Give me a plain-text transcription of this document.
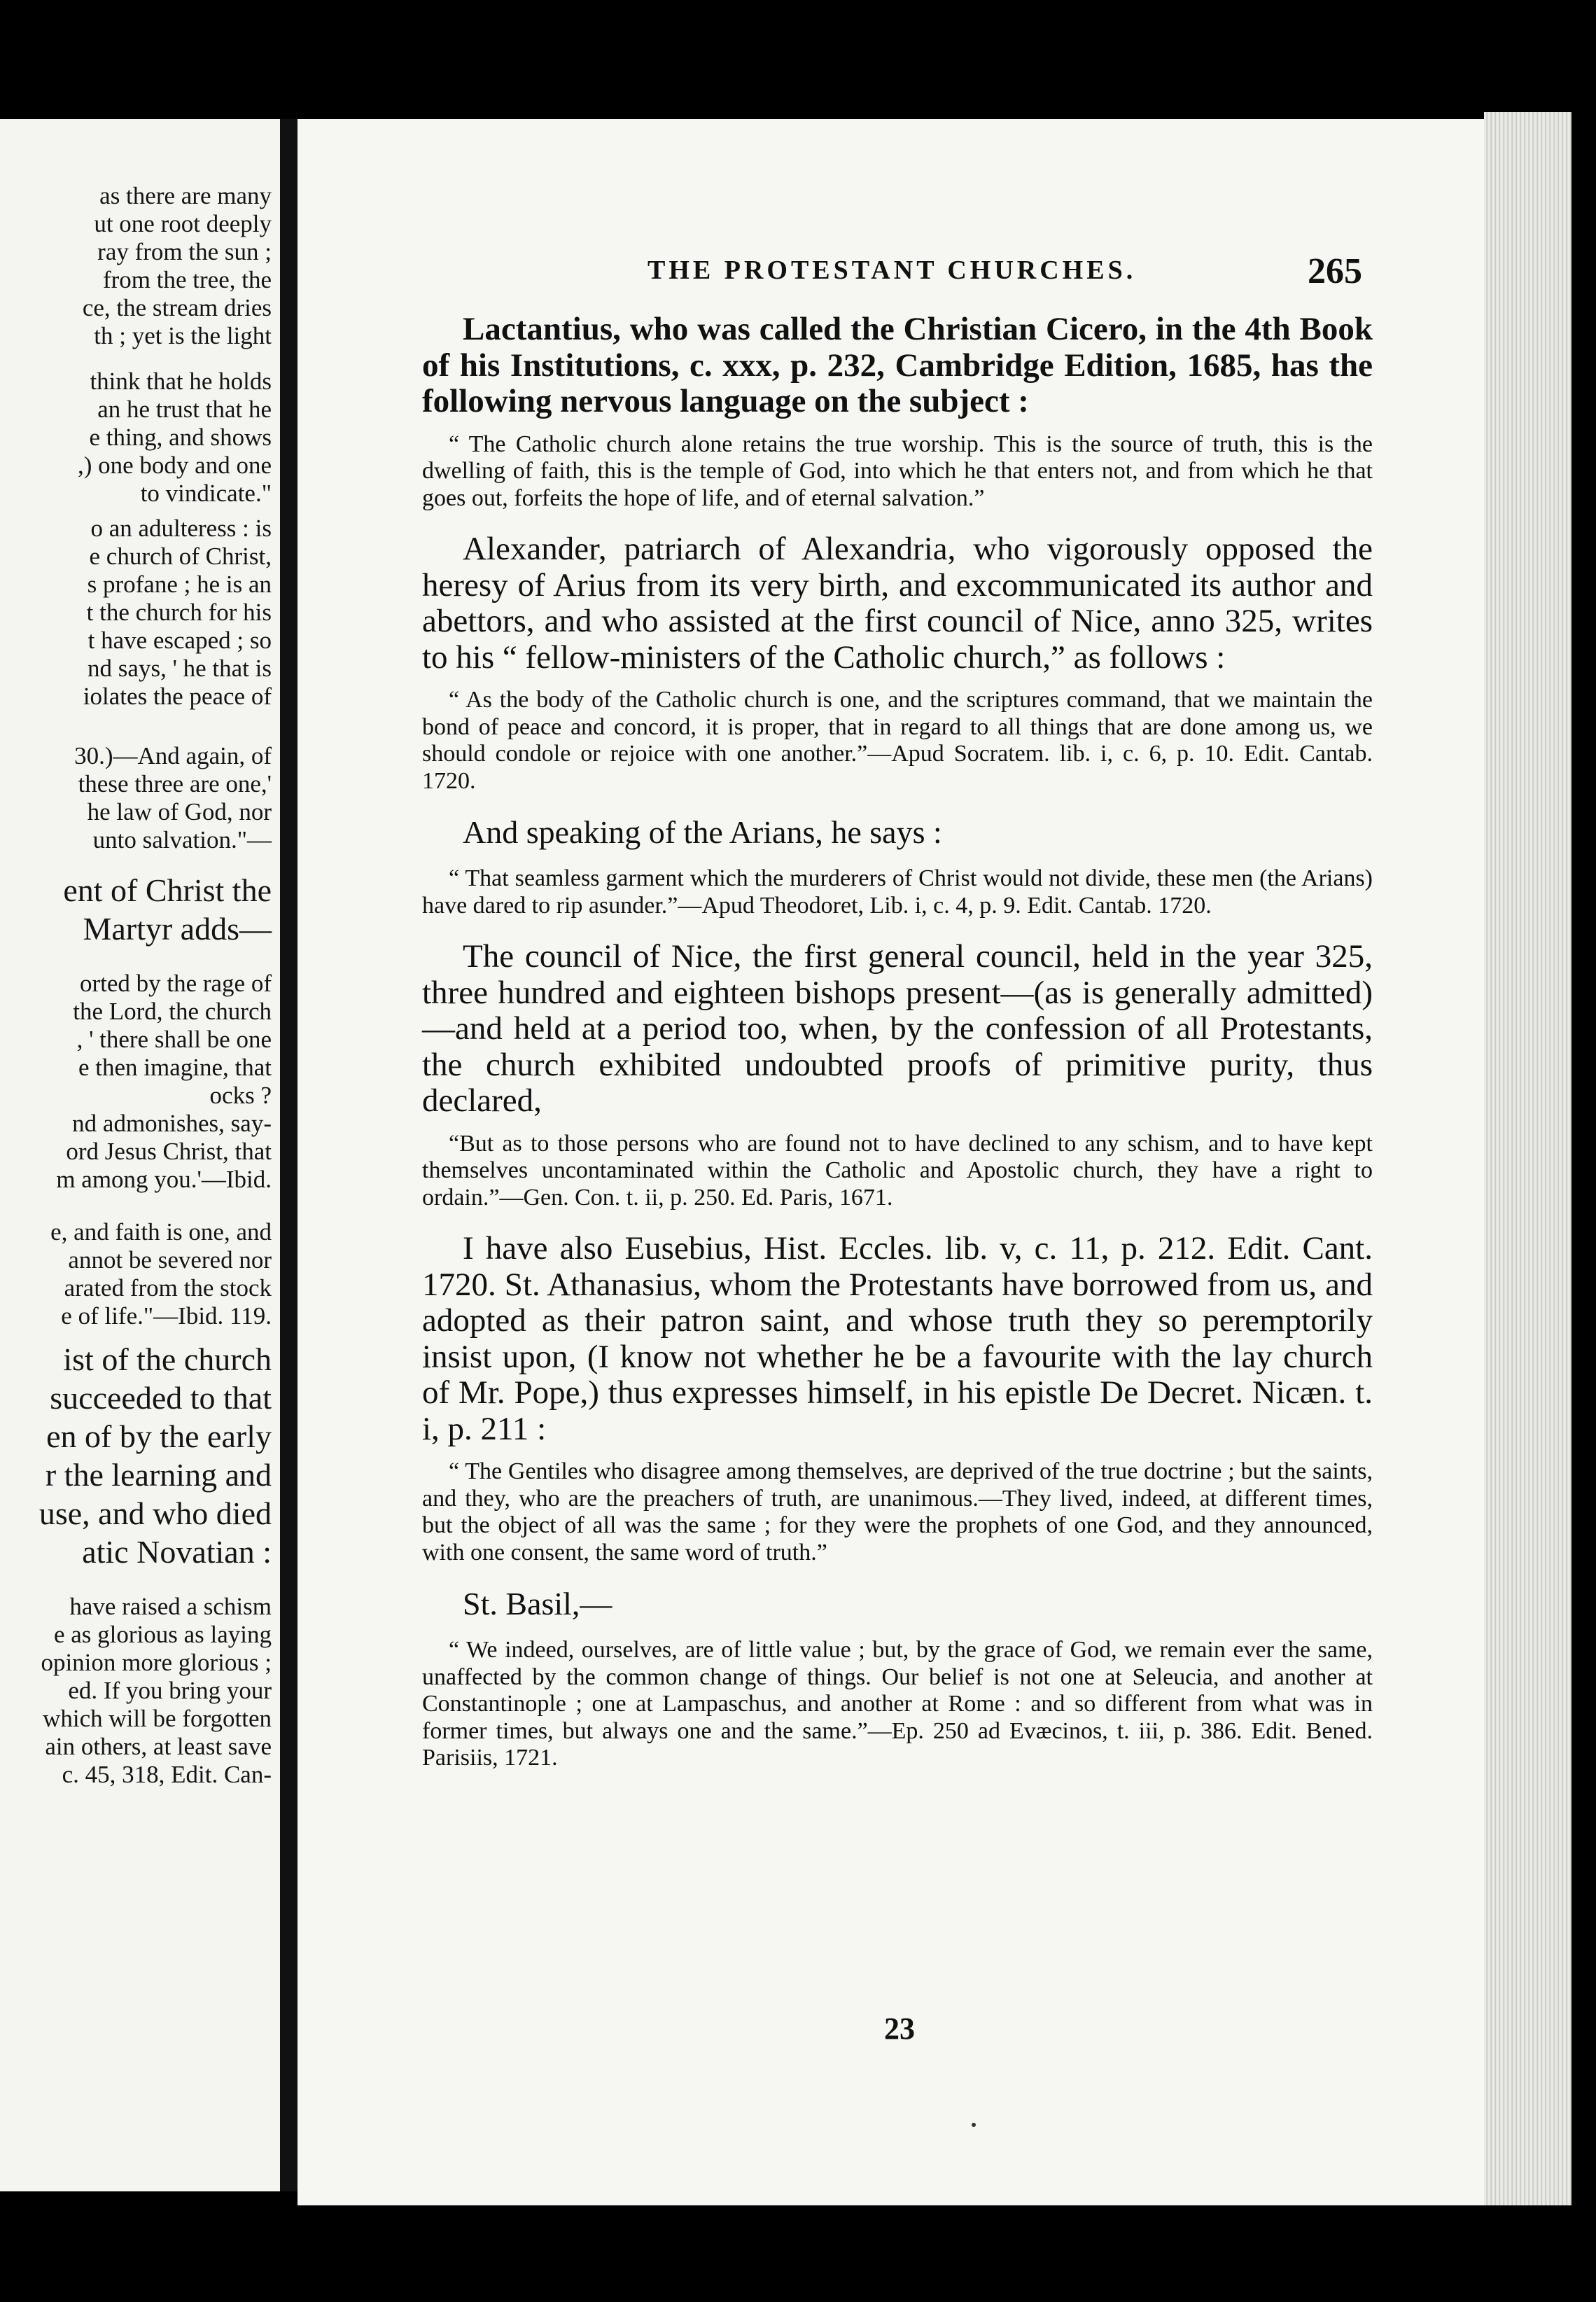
as there are many
ut one root deeply
ray from the sun ;
from the tree, the
ce, the stream dries
th ; yet is the light
think that he holds
an he trust that he
e thing, and shows
,) one body and one
to vindicate."
o an adulteress : is
e church of Christ,
s profane ; he is an
t the church for his
t have escaped ; so
nd says, ' he that is
iolates the peace of
30.)—And again, of
these three are one,'
he law of God, nor
unto salvation."—
ent of Christ the
Martyr adds—
orted by the rage of
the Lord, the church
, ' there shall be one
e then imagine, that
ocks ?
nd admonishes, say-
ord Jesus Christ, that
m among you.'—Ibid.
e, and faith is one, and
annot be severed nor
arated from the stock
e of life."—Ibid. 119.
ist of the church
succeeded to that
en of by the early
r the learning and
use, and who died
atic Novatian :
have raised a schism
e as glorious as laying
opinion more glorious ;
ed. If you bring your
which will be forgotten
ain others, at least save
c. 45, 318, Edit. Can-
THE PROTESTANT CHURCHES.	265

Lactantius, who was called the Christian Cicero, in the 4th Book of his Institutions, c. xxx, p. 232, Cambridge Edition, 1685, has the following nervous language on the subject :

“ The Catholic church alone retains the true worship. This is the source of truth, this is the dwelling of faith, this is the temple of God, into which he that enters not, and from which he that goes out, forfeits the hope of life, and of eternal salvation.”

Alexander, patriarch of Alexandria, who vigorously opposed the heresy of Arius from its very birth, and excommunicated its author and abettors, and who assisted at the first council of Nice, anno 325, writes to his “ fellow-ministers of the Catholic church,” as follows :

“ As the body of the Catholic church is one, and the scriptures command, that we maintain the bond of peace and concord, it is proper, that in regard to all things that are done among us, we should condole or rejoice with one another.”—Apud Socratem. lib. i, c. 6, p. 10. Edit. Cantab. 1720.

And speaking of the Arians, he says :

“ That seamless garment which the murderers of Christ would not divide, these men (the Arians) have dared to rip asunder.”—Apud Theodoret, Lib. i, c. 4, p. 9. Edit. Cantab. 1720.

The council of Nice, the first general council, held in the year 325, three hundred and eighteen bishops present—(as is generally admitted)—and held at a period too, when, by the confession of all Protestants, the church exhibited undoubted proofs of primitive purity, thus declared,

“But as to those persons who are found not to have declined to any schism, and to have kept themselves uncontaminated within the Catholic and Apostolic church, they have a right to ordain.”—Gen. Con. t. ii, p. 250. Ed. Paris, 1671.

I have also Eusebius, Hist. Eccles. lib. v, c. 11, p. 212. Edit. Cant. 1720. St. Athanasius, whom the Protestants have borrowed from us, and adopted as their patron saint, and whose truth they so peremptorily insist upon, (I know not whether he be a favourite with the lay church of Mr. Pope,) thus expresses himself, in his epistle De Decret. Nicæn. t. i, p. 211 :

“ The Gentiles who disagree among themselves, are deprived of the true doctrine ; but the saints, and they, who are the preachers of truth, are unanimous.—They lived, indeed, at different times, but the object of all was the same ; for they were the prophets of one God, and they announced, with one consent, the same word of truth.”

St. Basil,—

“ We indeed, ourselves, are of little value ; but, by the grace of God, we remain ever the same, unaffected by the common change of things. Our belief is not one at Seleucia, and another at Constantinople ; one at Lampaschus, and another at Rome : and so different from what was in former times, but always one and the same.”—Ep. 250 ad Evæcinos, t. iii, p. 386. Edit. Bened. Parisiis, 1721.

23
